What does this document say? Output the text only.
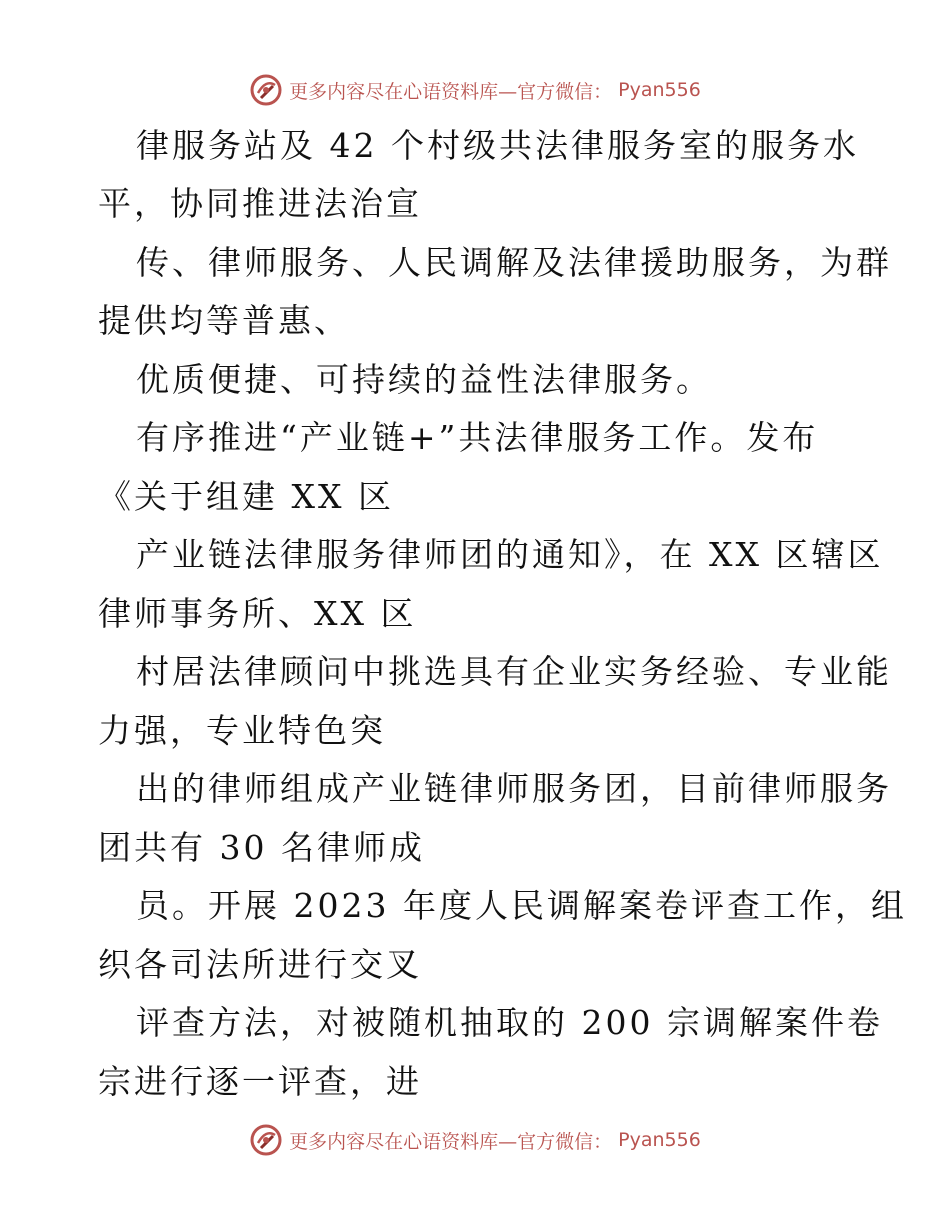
更多内容尽在心语资料库—官方微信： Pyan556
律服务站及 42 个村级共法律服务室的服务水
平，协同推进法治宣
传、律师服务、人民调解及法律援助服务，为群
提供均等普惠、
优质便捷、可持续的益性法律服务。
有序推进“产业链+”共法律服务工作。发布
《关于组建 XX 区
产业链法律服务律师团的通知》，在 XX 区辖区
律师事务所、XX 区
村居法律顾问中挑选具有企业实务经验、专业能
力强，专业特色突
出的律师组成产业链律师服务团，目前律师服务
团共有 30 名律师成
员。开展 2023 年度人民调解案卷评查工作，组
织各司法所进行交叉
评查方法，对被随机抽取的 200 宗调解案件卷
宗进行逐一评查，进
更多内容尽在心语资料库—官方微信： Pyan556
